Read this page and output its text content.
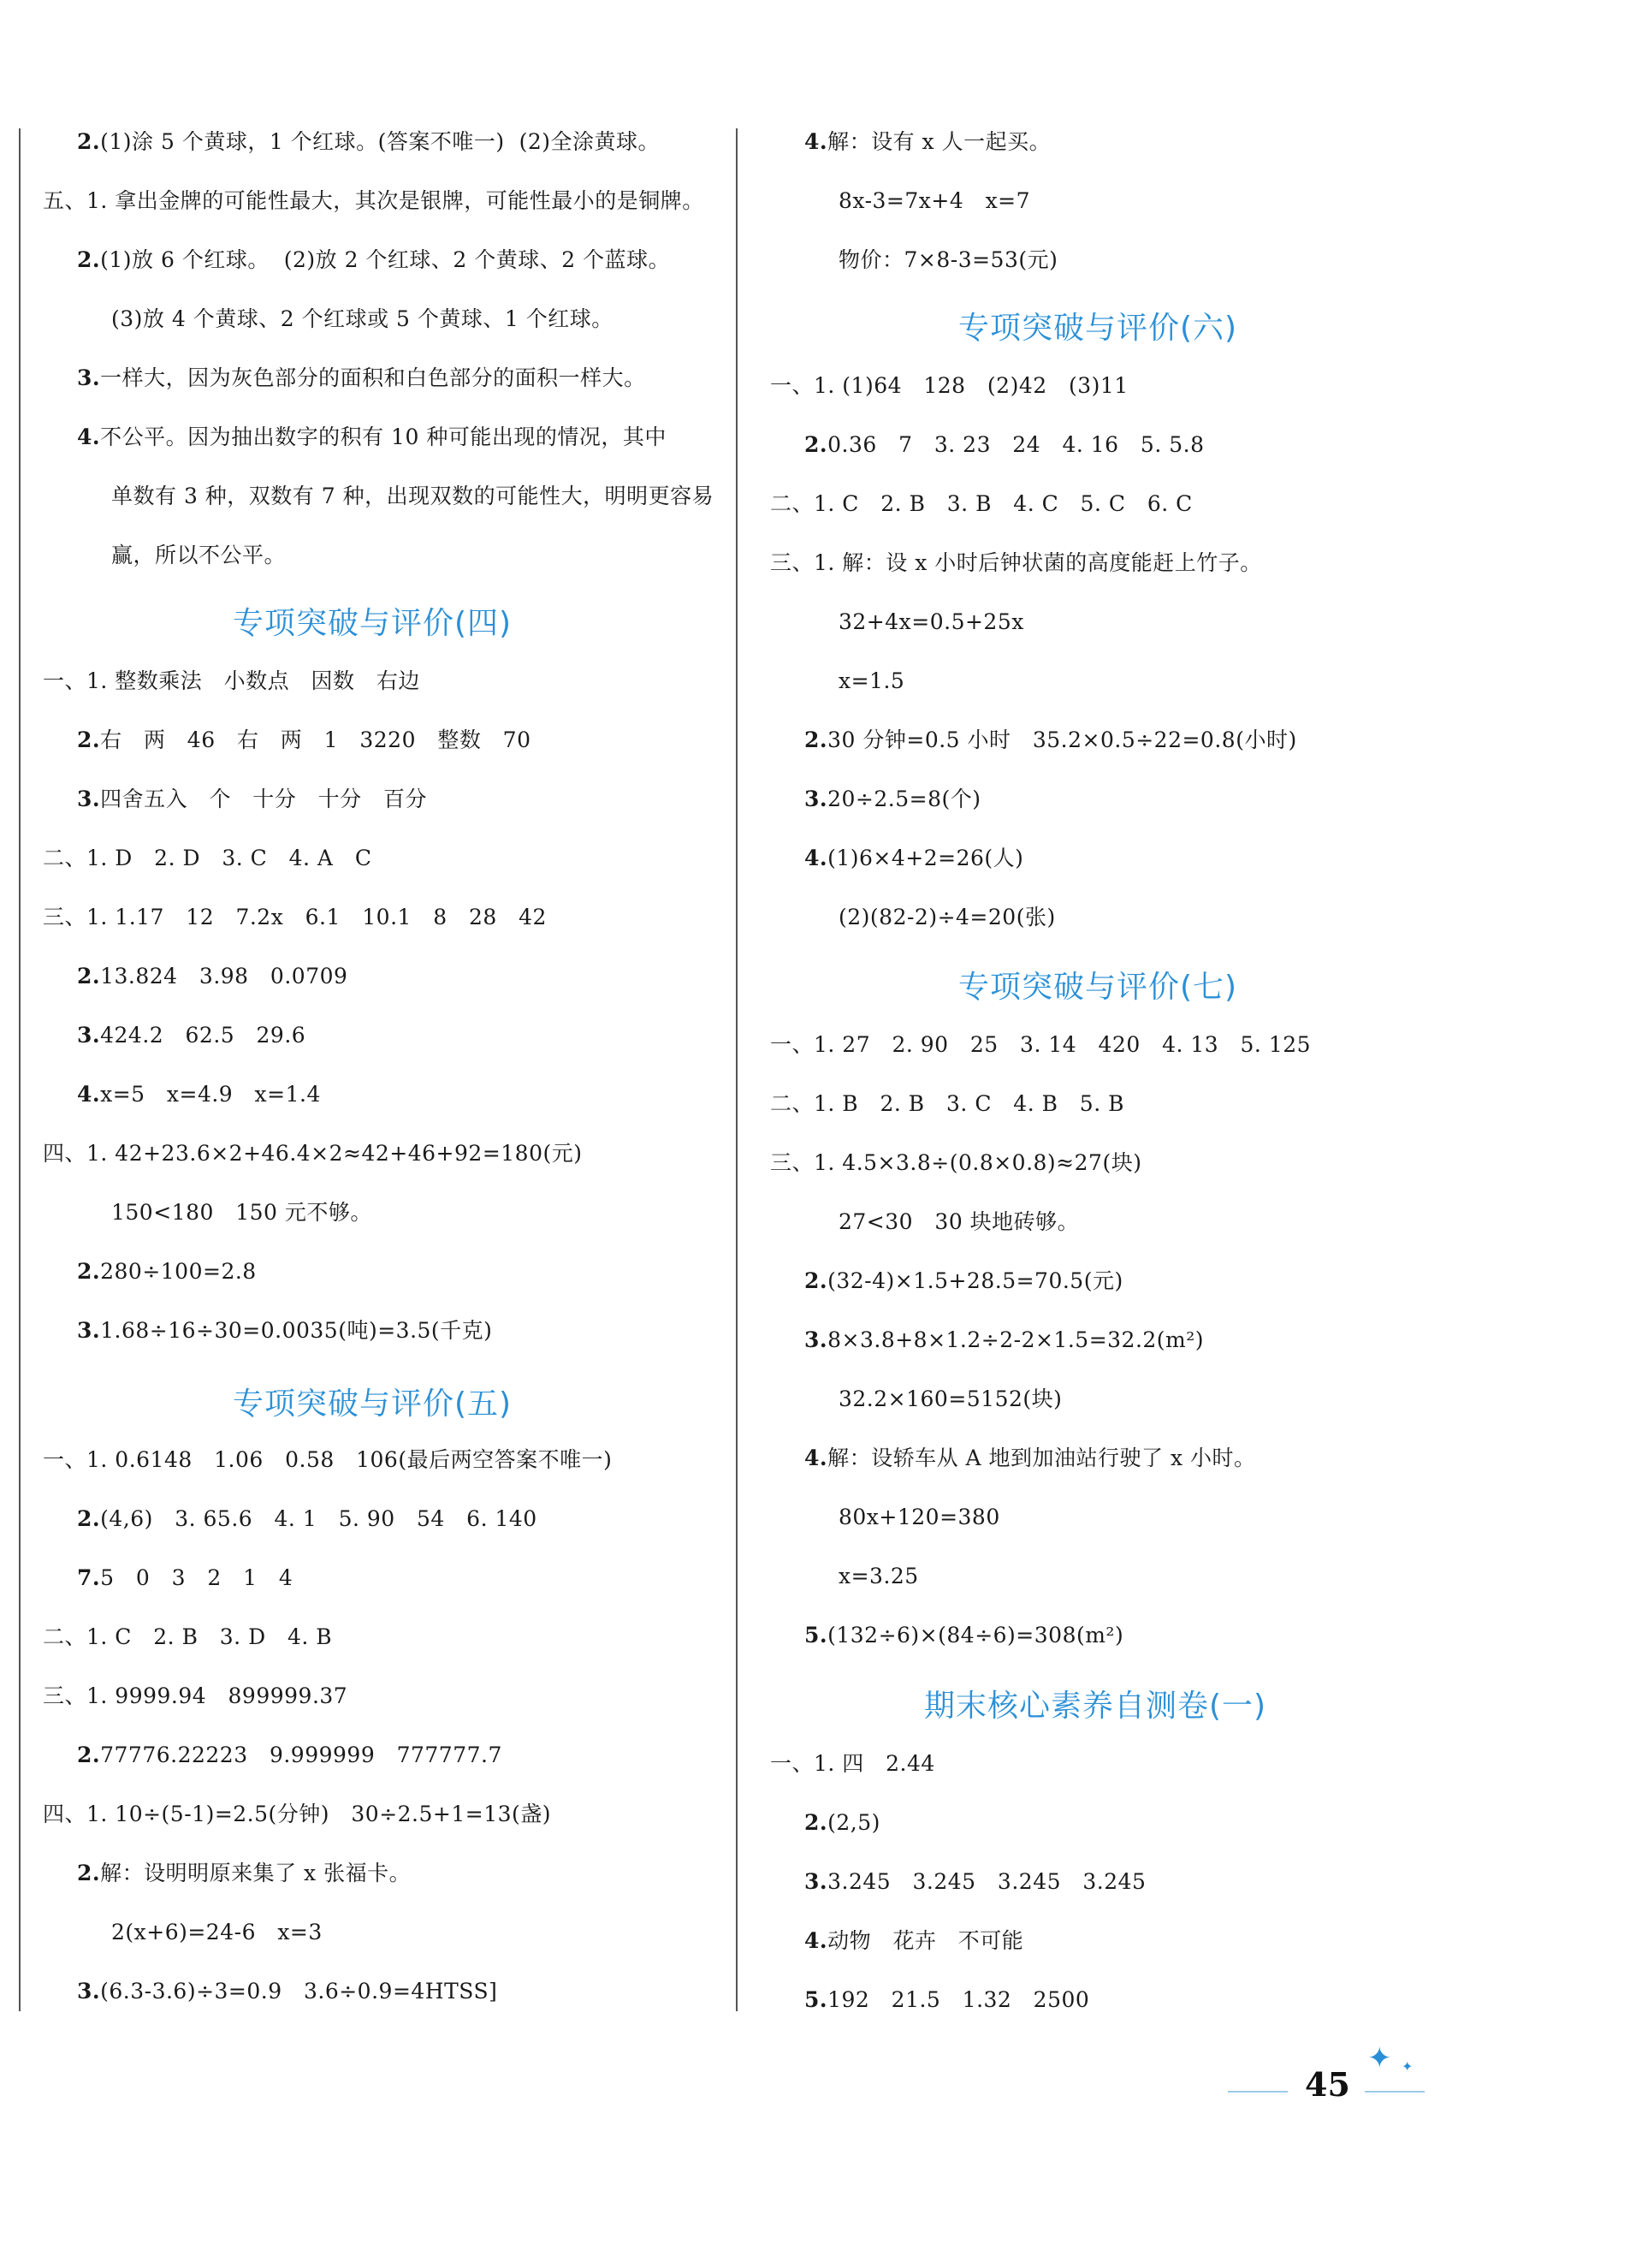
2.(1)涂 5 个黄球，1 个红球。(答案不唯一)  (2)全涂黄球。
五、1. 拿出金牌的可能性最大，其次是银牌，可能性最小的是铜牌。
2.(1)放 6 个红球。  (2)放 2 个红球、2 个黄球、2 个蓝球。
(3)放 4 个黄球、2 个红球或 5 个黄球、1 个红球。
3.一样大，因为灰色部分的面积和白色部分的面积一样大。
4.不公平。因为抽出数字的积有 10 种可能出现的情况，其中
单数有 3 种，双数有 7 种，出现双数的可能性大，明明更容易
赢，所以不公平。
专项突破与评价(四)
一、1. 整数乘法   小数点   因数   右边
2.右   两   46   右   两   1   3220   整数   70
3.四舍五入   个   十分   十分   百分
二、1. D   2. D   3. C   4. A   C
三、1. 1.17   12   7.2x   6.1   10.1   8   28   42
2.13.824   3.98   0.0709
3.424.2   62.5   29.6
4.x=5   x=4.9   x=1.4
四、1. 42+23.6×2+46.4×2≈42+46+92=180(元)
150<180   150 元不够。
2.280÷100=2.8
3.1.68÷16÷30=0.0035(吨)=3.5(千克)
专项突破与评价(五)
一、1. 0.6148   1.06   0.58   106(最后两空答案不唯一)
2.(4,6)   3. 65.6   4. 1   5. 90   54   6. 140
7.5   0   3   2   1   4
二、1. C   2. B   3. D   4. B
三、1. 9999.94   899999.37
2.77776.22223   9.999999   777777.7
四、1. 10÷(5-1)=2.5(分钟)   30÷2.5+1=13(盏)
2.解：设明明原来集了 x 张福卡。
2(x+6)=24-6   x=3
3.(6.3-3.6)÷3=0.9   3.6÷0.9=4HTSS]
4.解：设有 x 人一起买。
8x-3=7x+4   x=7
物价：7×8-3=53(元)
专项突破与评价(六)
一、1. (1)64   128   (2)42   (3)11
2.0.36   7   3. 23   24   4. 16   5. 5.8
二、1. C   2. B   3. B   4. C   5. C   6. C
三、1. 解：设 x 小时后钟状菌的高度能赶上竹子。
32+4x=0.5+25x
x=1.5
2.30 分钟=0.5 小时   35.2×0.5÷22=0.8(小时)
3.20÷2.5=8(个)
4.(1)6×4+2=26(人)
(2)(82-2)÷4=20(张)
专项突破与评价(七)
一、1. 27   2. 90   25   3. 14   420   4. 13   5. 125
二、1. B   2. B   3. C   4. B   5. B
三、1. 4.5×3.8÷(0.8×0.8)≈27(块)
27<30   30 块地砖够。
2.(32-4)×1.5+28.5=70.5(元)
3.8×3.8+8×1.2÷2-2×1.5=32.2(m²)
32.2×160=5152(块)
4.解：设轿车从 A 地到加油站行驶了 x 小时。
80x+120=380
x=3.25
5.(132÷6)×(84÷6)=308(m²)
期末核心素养自测卷(一)
一、1. 四   2.44
2.(2,5)
3.3.245   3.245   3.245   3.245
4.动物   花卉   不可能
5.192   21.5   1.32   2500
45
✦ ✦
